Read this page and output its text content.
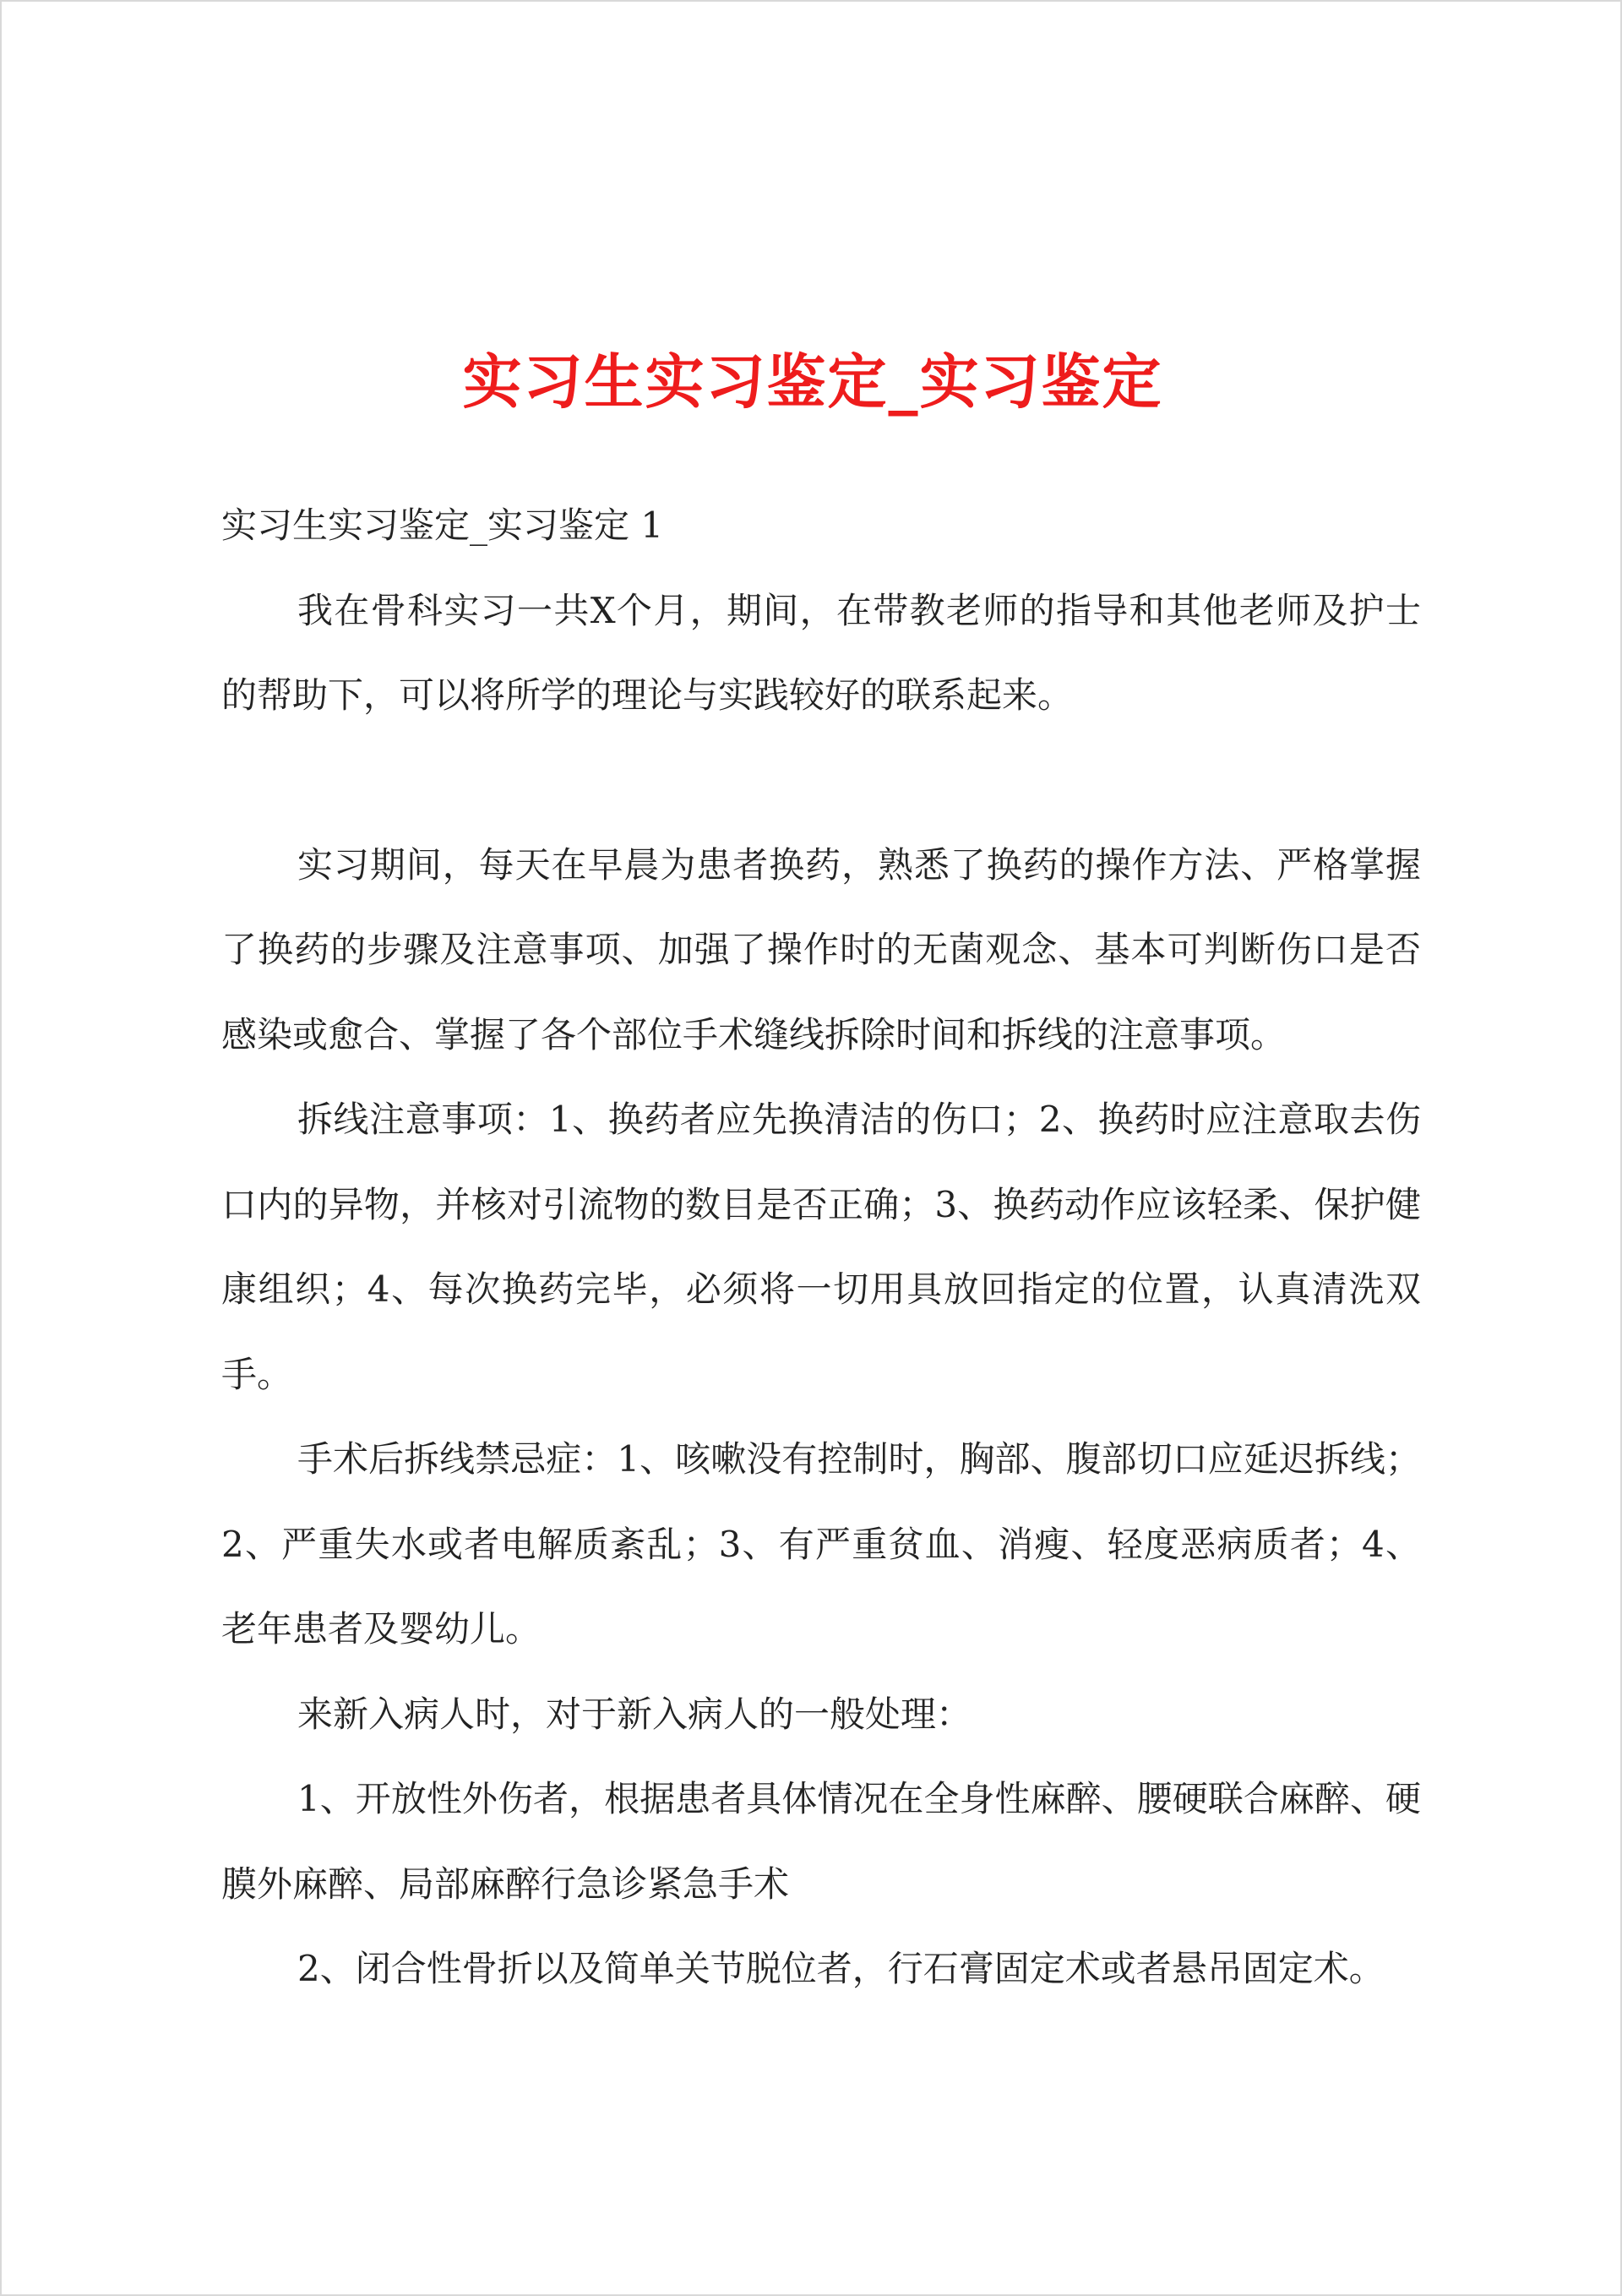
实习生实习鉴定_实习鉴定

实习生实习鉴定_实习鉴定 1

我在骨科实习一共X个月，期间，在带教老师的指导和其他老师及护士的帮助下，可以将所学的理论与实践较好的联系起来。

实习期间，每天在早晨为患者换药，熟悉了换药的操作方法、严格掌握了换药的步骤及注意事项、加强了操作时的无菌观念、基本可判断伤口是否感染或愈合、掌握了各个部位手术缝线拆除时间和拆线的注意事项。

拆线注意事项：1、换药者应先换清洁的伤口；2、换药时应注意取去伤口内的异物，并核对引流物的数目是否正确；3、换药动作应该轻柔、保护健康组织；4、每次换药完毕，必须将一切用具放回指定的位置，认真清洗双手。

手术后拆线禁忌症：1、咳嗽没有控制时，胸部、腹部切口应延迟拆线；2、严重失水或者电解质紊乱；3、有严重贫血、消瘦、轻度恶病质者；4、老年患者及婴幼儿。

来新入病人时，对于新入病人的一般处理：

1、开放性外伤者，根据患者具体情况在全身性麻醉、腰硬联合麻醉、硬膜外麻醉、局部麻醉行急诊紧急手术

2、闭合性骨折以及简单关节脱位者，行石膏固定术或者悬吊固定术。
